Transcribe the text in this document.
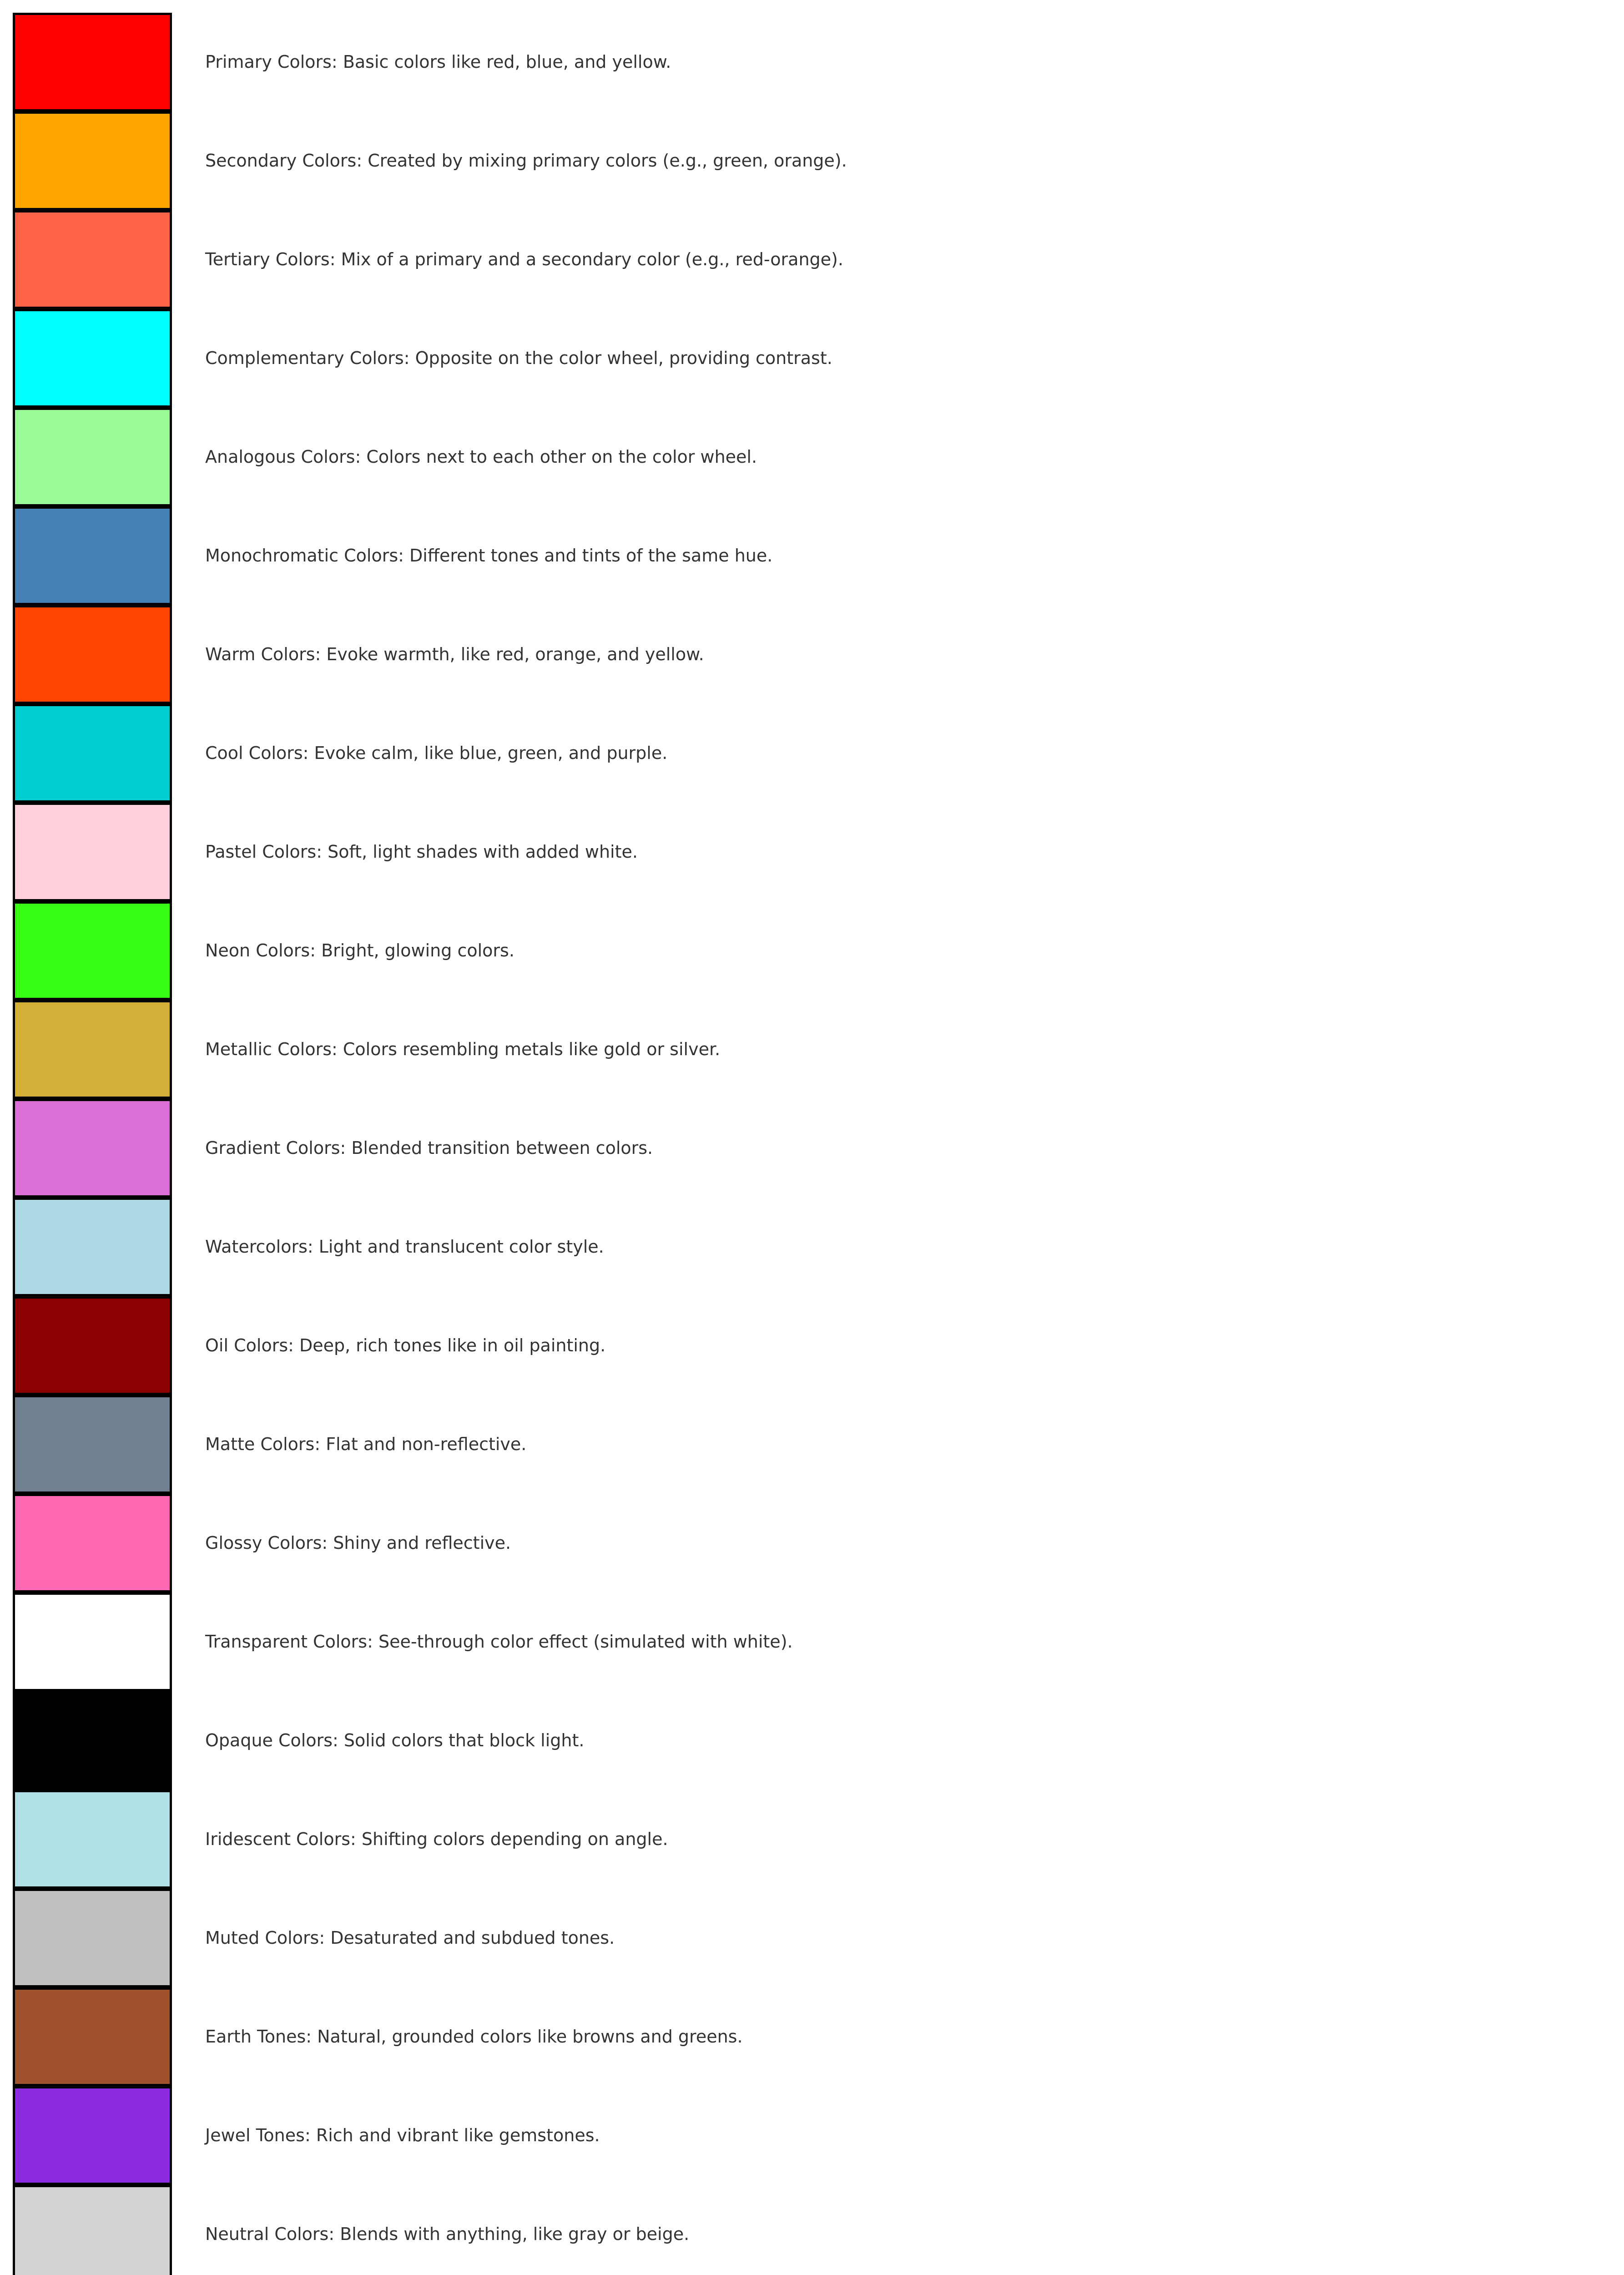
Primary Colors: Basic colors like red, blue, and yellow.
Secondary Colors: Created by mixing primary colors (e.g., green, orange).
Tertiary Colors: Mix of a primary and a secondary color (e.g., red-orange).
Complementary Colors: Opposite on the color wheel, providing contrast.
Analogous Colors: Colors next to each other on the color wheel.
Monochromatic Colors: Different tones and tints of the same hue.
Warm Colors: Evoke warmth, like red, orange, and yellow.
Cool Colors: Evoke calm, like blue, green, and purple.
Pastel Colors: Soft, light shades with added white.
Neon Colors: Bright, glowing colors.
Metallic Colors: Colors resembling metals like gold or silver.
Gradient Colors: Blended transition between colors.
Watercolors: Light and translucent color style.
Oil Colors: Deep, rich tones like in oil painting.
Matte Colors: Flat and non-reflective.
Glossy Colors: Shiny and reflective.
Transparent Colors: See-through color effect (simulated with white).
Opaque Colors: Solid colors that block light.
Iridescent Colors: Shifting colors depending on angle.
Muted Colors: Desaturated and subdued tones.
Earth Tones: Natural, grounded colors like browns and greens.
Jewel Tones: Rich and vibrant like gemstones.
Neutral Colors: Blends with anything, like gray or beige.
